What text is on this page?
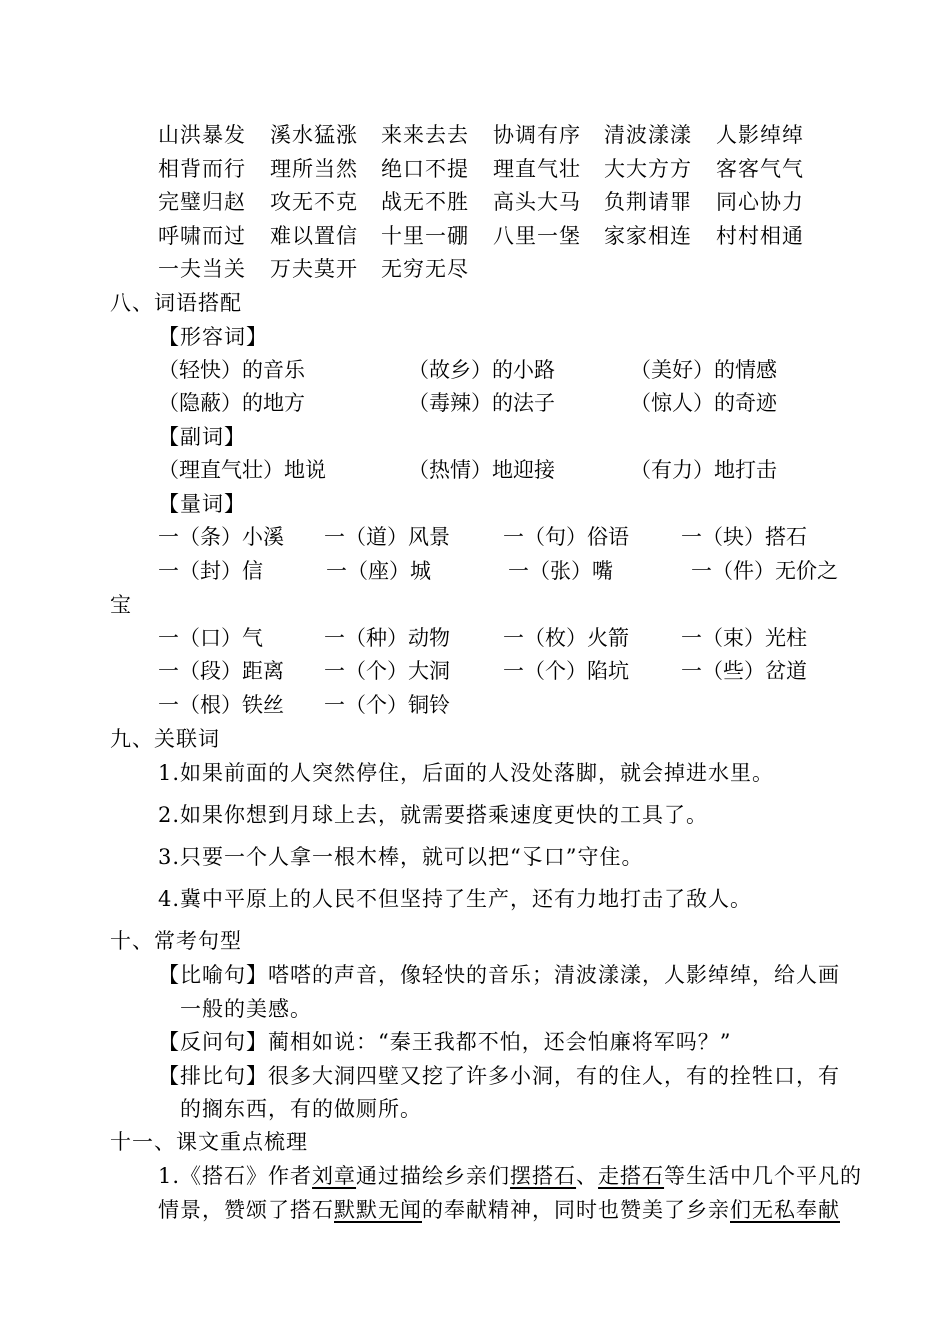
山洪暴发 溪水猛涨 来来去去 协调有序 清波漾漾 人影绰绰
相背而行 理所当然 绝口不提 理直气壮 大大方方 客客气气
完璧归赵 攻无不克 战无不胜 高头大马 负荆请罪 同心协力
呼啸而过 难以置信 十里一硼 八里一堡 家家相连 村村相通
一夫当关 万夫莫开 无穷无尽
八、词语搭配
【形容词】
（轻快）的音乐	（故乡）的小路	（美好）的情感
（隐蔽）的地方	（毒辣）的法子	（惊人）的奇迹
【副词】
（理直气壮）地说	（热情）地迎接	（有力）地打击
【量词】
一（条）小溪 一（道）风景	一（句）俗语 一（块）搭石
一（封）信	一（座）城	一（张）嘴	一（件）无价之
宝
一（口）气	一（种）动物	一（枚）火箭 一（束）光柱
一（段）距离 一（个）大洞	一（个）陷坑 一（些）岔道
一（根）铁丝 一（个）铜铃
九、关联词
1.如果前面的人突然停住，后面的人没处落脚，就会掉进水里。
2.如果你想到月球上去，就需要搭乘速度更快的工具了。
3.只要一个人拿一根木棒，就可以把“孓口”守住。
4.冀中平原上的人民不但坚持了生产，还有力地打击了敌人。
十、常考句型
【比喻句】嗒嗒的声音，像轻快的音乐；清波漾漾，人影绰绰，给人画
一般的美感。
【反问句】蔺相如说：“秦王我都不怕，还会怕廉将军吗？”
【排比句】很多大洞四壁又挖了许多小洞，有的住人，有的拴牲口，有
的搁东西，有的做厕所。
十一、课文重点梳理
1.《搭石》作者刘章通过描绘乡亲们摆搭石、走搭石等生活中几个平凡的
情景，赞颂了搭石默默无闻的奉献精神，同时也赞美了乡亲们无私奉献
